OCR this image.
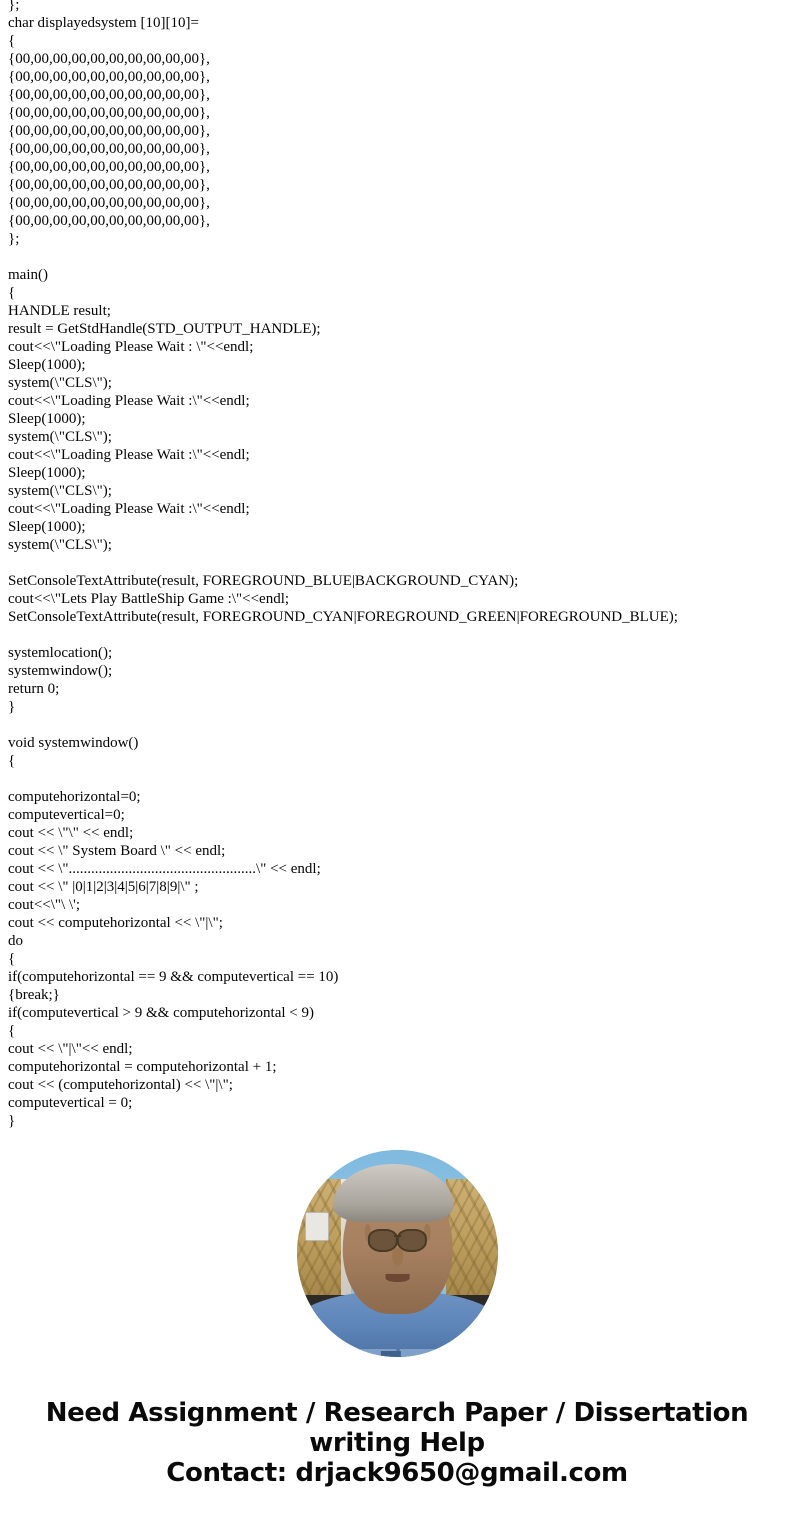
};
char displayedsystem [10][10]=
{
{00,00,00,00,00,00,00,00,00,00},
{00,00,00,00,00,00,00,00,00,00},
{00,00,00,00,00,00,00,00,00,00},
{00,00,00,00,00,00,00,00,00,00},
{00,00,00,00,00,00,00,00,00,00},
{00,00,00,00,00,00,00,00,00,00},
{00,00,00,00,00,00,00,00,00,00},
{00,00,00,00,00,00,00,00,00,00},
{00,00,00,00,00,00,00,00,00,00},
{00,00,00,00,00,00,00,00,00,00},
};
main()
{
HANDLE result;
result = GetStdHandle(STD_OUTPUT_HANDLE);
cout<<\"Loading Please Wait : \"<<endl;
Sleep(1000);
system(\"CLS\");
cout<<\"Loading Please Wait :\"<<endl;
Sleep(1000);
system(\"CLS\");
cout<<\"Loading Please Wait :\"<<endl;
Sleep(1000);
system(\"CLS\");
cout<<\"Loading Please Wait :\"<<endl;
Sleep(1000);
system(\"CLS\");
SetConsoleTextAttribute(result, FOREGROUND_BLUE|BACKGROUND_CYAN);
cout<<\"Lets Play BattleShip Game :\"<<endl;
SetConsoleTextAttribute(result, FOREGROUND_CYAN|FOREGROUND_GREEN|FOREGROUND_BLUE);
systemlocation();
systemwindow();
return 0;
}
void systemwindow()
{
computehorizontal=0;
computevertical=0;
cout << \"\" << endl;
cout << \" System Board \" << endl;
cout << \"..................................................\" << endl;
cout << \" |0|1|2|3|4|5|6|7|8|9|\" ;
cout<<\"\ \';
cout << computehorizontal << \"|\";
do
{
if(computehorizontal == 9 && computevertical == 10)
{break;}
if(computevertical > 9 && computehorizontal < 9)
{
cout << \"|\"<< endl;
computehorizontal = computehorizontal + 1;
cout << (computehorizontal) << \"|\";
computevertical = 0;
}
Need Assignment / Research Paper / Dissertation
writing Help
Contact: drjack9650@gmail.com
